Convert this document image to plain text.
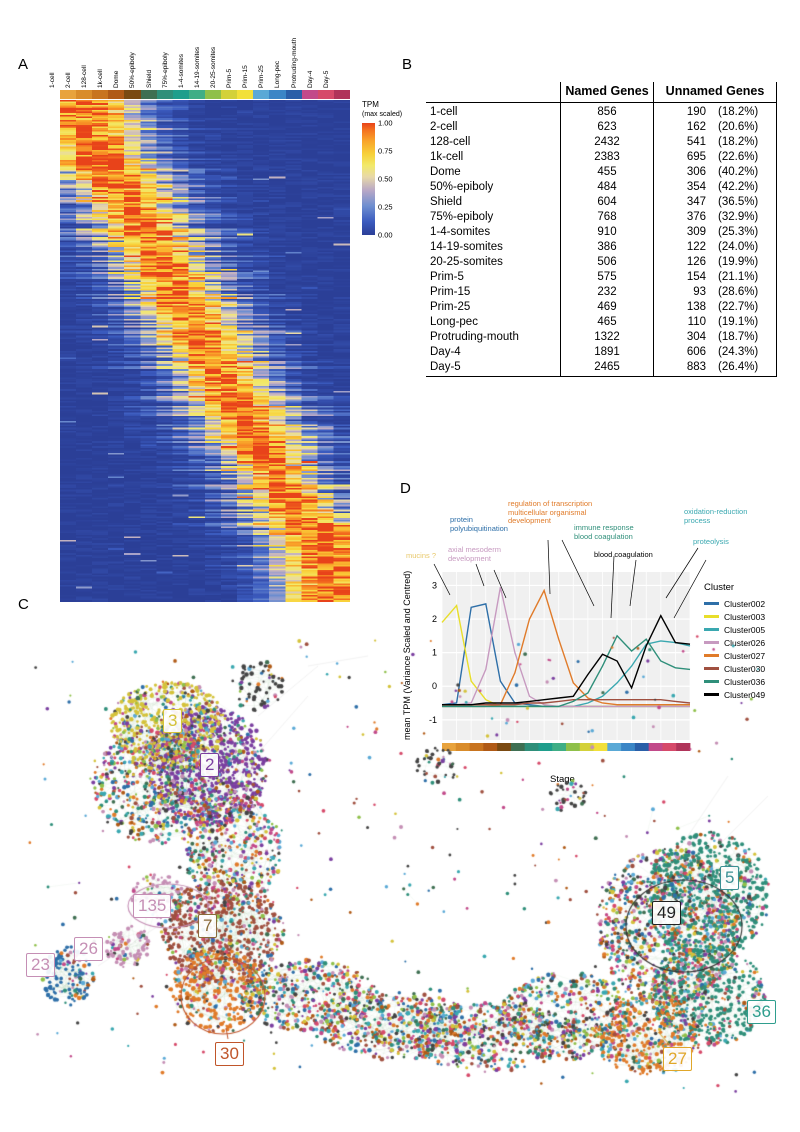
A
1-cell	2-cell	128-cell	1k-cell	Dome	50%-epiboly	Shield	75%-epiboly	1-4-somites	14-19-somites	20-25-somites	Prim-5	Prim-15	Prim-25	Long-pec	Protruding-mouth	Day-4	Day-5
TPM
(max scaled)
1.00
0.75
0.50
0.25
0.00
B
	Named Genes	Unnamed Genes	
1-cell	856	190	(18.2%)
2-cell	623	162	(20.6%)
128-cell	2432	541	(18.2%)
1k-cell	2383	695	(22.6%)
Dome	455	306	(40.2%)
50%-epiboly	484	354	(42.2%)
Shield	604	347	(36.5%)
75%-epiboly	768	376	(32.9%)
1-4-somites	910	309	(25.3%)
14-19-somites	386	122	(24.0%)
20-25-somites	506	126	(19.9%)
Prim-5	575	154	(21.1%)
Prim-15	232	93	(28.6%)
Prim-25	469	138	(22.7%)
Long-pec	465	110	(19.1%)
Protruding-mouth	1322	304	(18.7%)
Day-4	1891	606	(24.3%)
Day-5	2465	883	(26.4%)
D
3
mucins ?
protein
polyubiquitination
axial mesoderm
development
regulation of transcription
multicellular organismal
development
immune response
blood coagulation
blood coagulation
oxidation-reduction
process
proteolysis
Cluster
3
2
135
7
26
23
30
49
5
36
27
